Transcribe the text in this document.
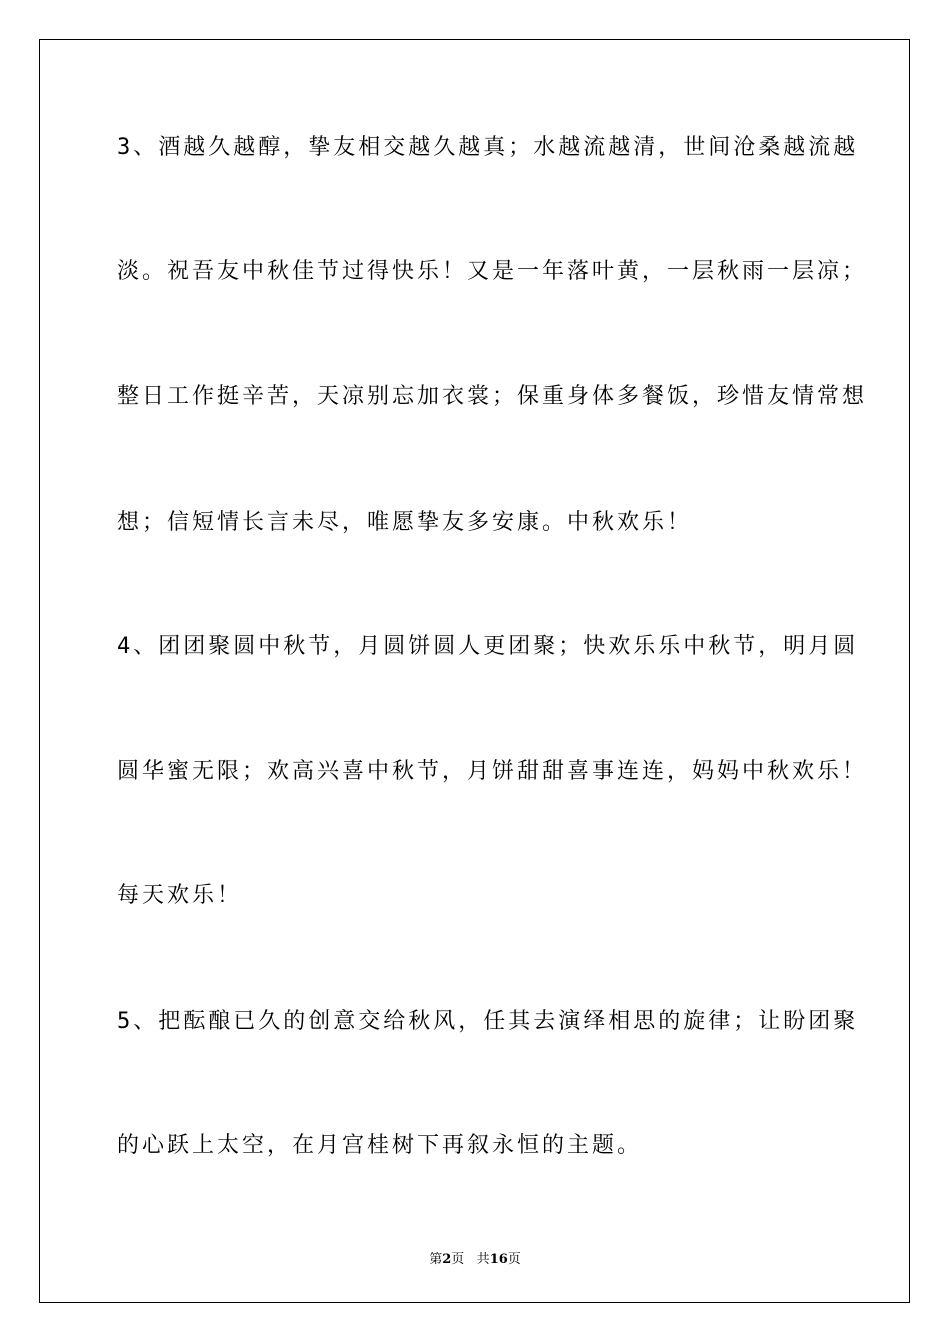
3、酒越久越醇，挚友相交越久越真；水越流越清，世间沧桑越流越
淡。祝吾友中秋佳节过得快乐！又是一年落叶黄，一层秋雨一层凉；
整日工作挺辛苦，天凉别忘加衣裳；保重身体多餐饭，珍惜友情常想
想；信短情长言未尽，唯愿挚友多安康。中秋欢乐！
4、团团聚圆中秋节，月圆饼圆人更团聚；快欢乐乐中秋节，明月圆
圆华蜜无限；欢高兴喜中秋节，月饼甜甜喜事连连，妈妈中秋欢乐！
每天欢乐！
5、把酝酿已久的创意交给秋风，任其去演绎相思的旋律；让盼团聚
的心跃上太空，在月宫桂树下再叙永恒的主题。
第2页 共16页
